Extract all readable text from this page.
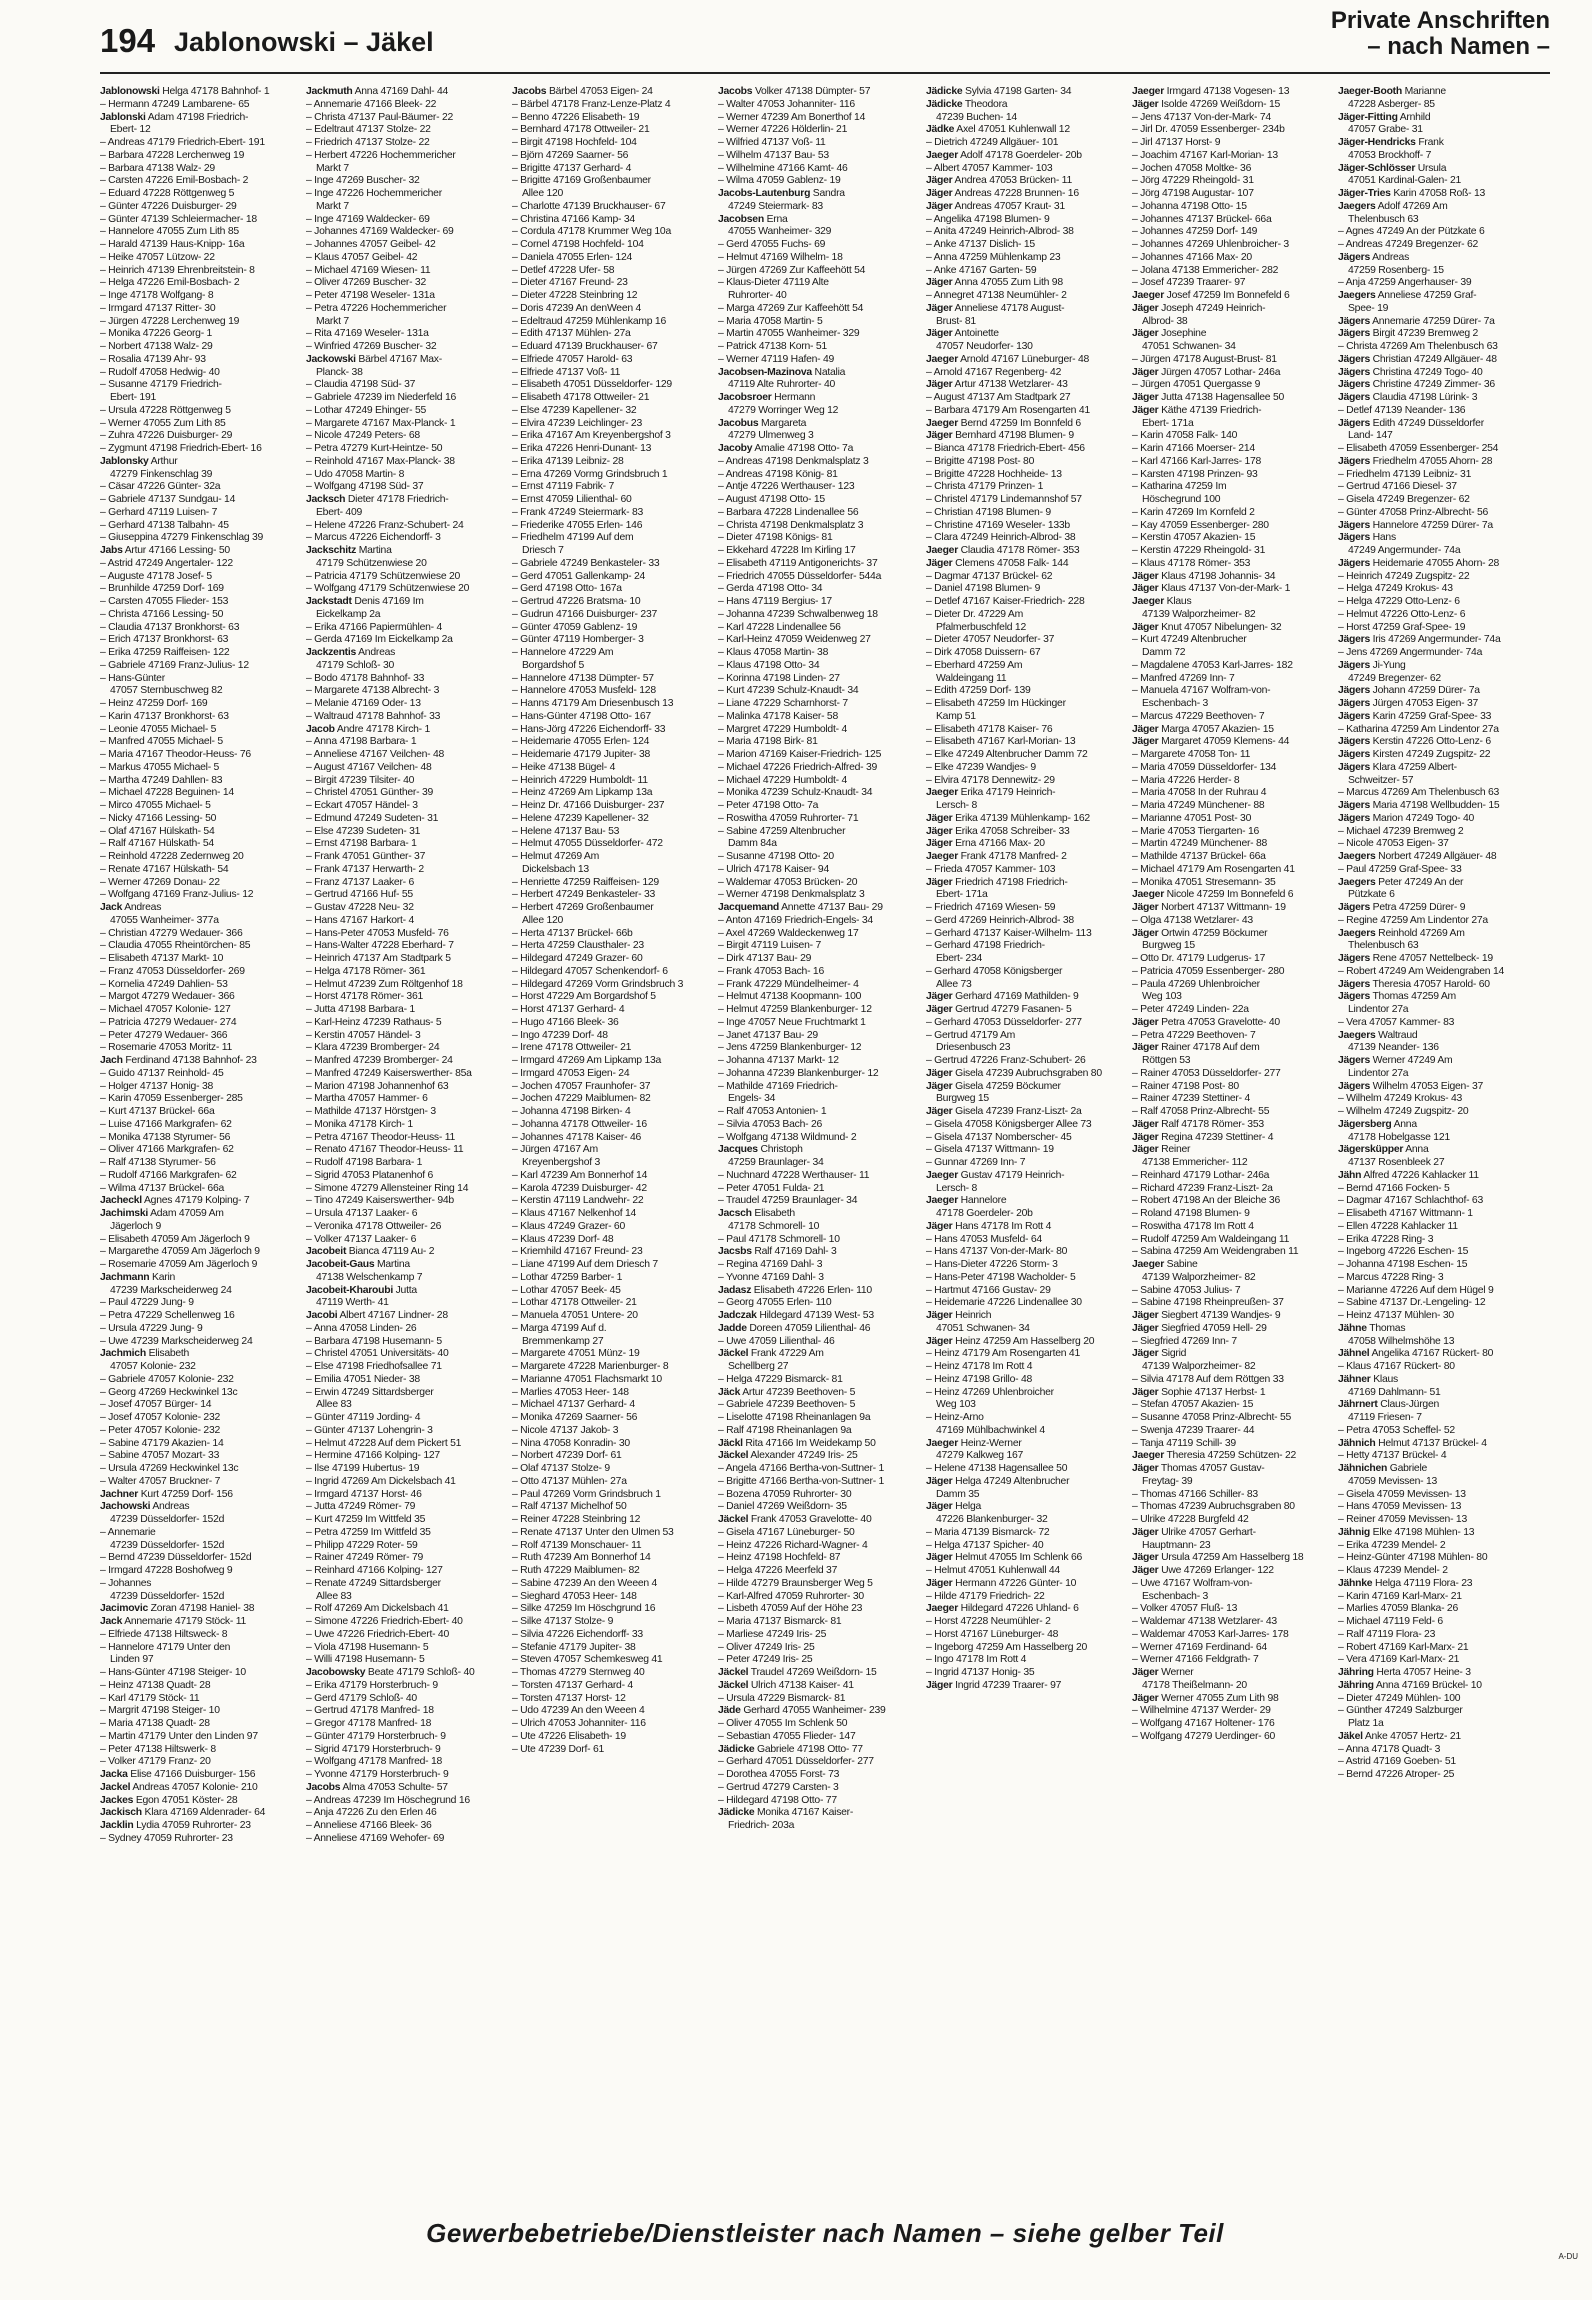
194 Jablonowski – Jäkel
Private Anschriften
– nach Namen –
Jablonowski Helga 47178 Bahnhof- 1
– Hermann 47249 Lambarene- 65
Jablonski Adam 47198 Friedrich-
Ebert- 12
– Andreas 47179 Friedrich-Ebert- 191
– Barbara 47228 Lerchenweg 19
– Barbara 47138 Walz- 29
– Carsten 47226 Emil-Bosbach- 2
– Eduard 47228 Röttgenweg 5
– Günter 47226 Duisburger- 29
– Günter 47139 Schleiermacher- 18
– Hannelore 47055 Zum Lith 85
– Harald 47139 Haus-Knipp- 16a
– Heike 47057 Lützow- 22
– Heinrich 47139 Ehrenbreitstein- 8
– Helga 47226 Emil-Bosbach- 2
– Inge 47178 Wolfgang- 8
– Irmgard 47137 Ritter- 30
– Jürgen 47228 Lerchenweg 19
– Monika 47226 Georg- 1
– Norbert 47138 Walz- 29
– Rosalia 47139 Ahr- 93
– Rudolf 47058 Hedwig- 40
– Susanne 47179 Friedrich-
Ebert- 191
– Ursula 47228 Röttgenweg 5
– Werner 47055 Zum Lith 85
– Zuhra 47226 Duisburger- 29
– Zygmunt 47198 Friedrich-Ebert- 16
Jablonsky Arthur
47279 Finkenschlag 39
– Cäsar 47226 Günter- 32a
– Gabriele 47137 Sundgau- 14
– Gerhard 47119 Luisen- 7
– Gerhard 47138 Talbahn- 45
– Giuseppina 47279 Finkenschlag 39
Jabs Artur 47166 Lessing- 50
– Astrid 47249 Angertaler- 122
– Auguste 47178 Josef- 5
– Brunhilde 47259 Dorf- 169
– Carsten 47055 Flieder- 153
– Christa 47166 Lessing- 50
– Claudia 47137 Bronkhorst- 63
– Erich 47137 Bronkhorst- 63
– Erika 47259 Raiffeisen- 122
– Gabriele 47169 Franz-Julius- 12
– Hans-Günter
47057 Sternbuschweg 82
– Heinz 47259 Dorf- 169
– Karin 47137 Bronkhorst- 63
– Leonie 47055 Michael- 5
– Manfred 47055 Michael- 5
– Maria 47167 Theodor-Heuss- 76
– Markus 47055 Michael- 5
– Martha 47249 Dahllen- 83
– Michael 47228 Beguinen- 14
– Mirco 47055 Michael- 5
– Nicky 47166 Lessing- 50
– Olaf 47167 Hülskath- 54
– Ralf 47167 Hülskath- 54
– Reinhold 47228 Zedernweg 20
– Renate 47167 Hülskath- 54
– Werner 47269 Donau- 22
– Wolfgang 47169 Franz-Julius- 12
Jack Andreas
47055 Wanheimer- 377a
– Christian 47279 Wedauer- 366
– Claudia 47055 Rheintörchen- 85
– Elisabeth 47137 Markt- 10
– Franz 47053 Düsseldorfer- 269
– Kornelia 47249 Dahlien- 53
– Margot 47279 Wedauer- 366
– Michael 47057 Kolonie- 127
– Patricia 47279 Wedauer- 274
– Peter 47279 Wedauer- 366
– Rosemarie 47053 Moritz- 11
Jach Ferdinand 47138 Bahnhof- 23
– Guido 47137 Reinhold- 45
– Holger 47137 Honig- 38
– Karin 47059 Essenberger- 285
– Kurt 47137 Brückel- 66a
– Luise 47166 Markgrafen- 62
– Monika 47138 Styrumer- 56
– Oliver 47166 Markgrafen- 62
– Ralf 47138 Styrumer- 56
– Rudolf 47166 Markgrafen- 62
– Wilma 47137 Brückel- 66a
Jacheckl Agnes 47179 Kolping- 7
Jachimski Adam 47059 Am
Jägerloch 9
– Elisabeth 47059 Am Jägerloch 9
– Margarethe 47059 Am Jägerloch 9
– Rosemarie 47059 Am Jägerloch 9
Jachmann Karin
47239 Marksche​iderweg 24
– Paul 47229 Jung- 9
– Petra 47229 Schellenweg 16
– Ursula 47229 Jung- 9
– Uwe 47239 Markscheiderweg 24
Jachmich Elisabeth
47057 Kolonie- 232
– Gabriele 47057 Kolonie- 232
– Georg 47269 Heckwinkel 13c
– Josef 47057 Bürger- 14
– Josef 47057 Kolonie- 232
– Peter 47057 Kolonie- 232
– Sabine 47179 Akazien- 14
– Sabine 47057 Mozart- 33
– Ursula 47269 Heckwinkel 13c
– Walter 47057 Bruckner- 7
Jachner Kurt 47259 Dorf- 156
Jachowski Andreas
47239 Düsseldorfer- 152d
– Annemarie
47239 Düsseldorfer- 152d
– Bernd 47239 Düsseldorfer- 152d
– Irmgard 47228 Boshofweg 9
– Johannes
47239 Düsseldorfer- 152d
Jacimovic Zoran 47198 Haniel- 38
Jack Annemarie 47179 Stöck- 11
– Elfriede 47138 Hiltsweck- 8
– Hannelore 47179 Unter den
Linden 97
– Hans-Günter 47198 Steiger- 10
– Heinz 47138 Quadt- 28
– Karl 47179 Stöck- 11
– Margrit 47198 Steiger- 10
– Maria 47138 Quadt- 28
– Martin 47179 Unter den Linden 97
– Peter 47138 Hiltswerk- 8
– Volker 47179 Franz- 20
Jacka Elise 47166 Duisburger- 156
Jackel Andreas 47057 Kolonie- 210
Jackes Egon 47051 Köster- 28
Jackisch Klara 47169 Aldenrader- 64
Jacklin Lydia 47059 Ruhrorter- 23
– Sydney 47059 Ruhrorter- 23
Jackmuth Anna 47169 Dahl- 44
– Annemarie 47166 Bleek- 22
– Christa 47137 Paul-Bäumer- 22
– Edeltraut 47137 Stolze- 22
– Friedrich 47137 Stolze- 22
– Herbert 47226 Hochemmericher
Markt 7
– Inge 47269 Buscher- 32
– Inge 47226 Hochemmericher
Markt 7
– Inge 47169 Waldecker- 69
– Johannes 47169 Waldecker- 69
– Johannes 47057 Geibel- 42
– Klaus 47057 Geibel- 42
– Michael 47169 Wiesen- 11
– Oliver 47269 Buscher- 32
– Peter 47198 Weseler- 131a
– Petra 47226 Hochemmericher
Markt 7
– Rita 47169 Weseler- 131a
– Winfried 47269 Buscher- 32
Jackowski Bärbel 47167 Max-
Planck- 38
– Claudia 47198 Süd- 37
– Gabriele 47239 im Niederfeld 16
– Lothar 47249 Ehinger- 55
– Margarete 47167 Max-Planck- 1
– Nicole 47249 Peters- 68
– Petra 47279 Kurt-Heintze- 50
– Reinhold 47167 Max-Planck- 38
– Udo 47058 Martin- 8
– Wolfgang 47198 Süd- 37
Jacksch Dieter 47178 Friedrich-
Ebert- 409
– Helene 47226 Franz-Schubert- 24
– Marcus 47226 Eichendorff- 3
Jackschitz Martina
47179 Schützenwiese 20
– Patricia 47179 Schützenwiese 20
– Wolfgang 47179 Schützenwiese 20
Jackstadt Denis 47169 Im
Eickelkamp 2a
– Erika 47166 Papiermühlen- 4
– Gerda 47169 Im Eickelkamp 2a
Jackzentis Andreas
47179 Schloß- 30
– Bodo 47178 Bahnhof- 33
– Margarete 47138 Albrecht- 3
– Melanie 47169 Oder- 13
– Waltraud 47178 Bahnhof- 33
Jacob Andre 47178 Kirch- 1
– Anna 47198 Barbara- 1
– Anneliese 47167 Veilchen- 48
– August 47167 Veilchen- 48
– Birgit 47239 Tilsiter- 40
– Christel 47051 Günther- 39
– Eckart 47057 Händel- 3
– Edmund 47249 Sudeten- 31
– Else 47239 Sudeten- 31
– Ernst 47198 Barbara- 1
– Frank 47051 Günther- 37
– Frank 47137 Herwarth- 2
– Franz 47137 Laaker- 6
– Gertrud 47166 Huf- 55
– Gustav 47228 Neu- 32
– Hans 47167 Harkort- 4
– Hans-Peter 47053 Musfeld- 76
– Hans-Walter 47228 Eberhard- 7
– Heinrich 47137 Am Stadtpark 5
– Helga 47178 Römer- 361
– Helmut 47239 Zum Röltgenhof 18
– Horst 47178 Römer- 361
– Jutta 47198 Barbara- 1
– Karl-Heinz 47239 Rathaus- 5
– Kerstin 47057 Händel- 3
– Klara 47239 Bromberger- 24
– Manfred 47239 Bromberger- 24
– Manfred 47249 Kaiserswerther- 85a
– Marion 47198 Johannenhof 63
– Martha 47057 Hammer- 6
– Mathilde 47137 Hörstgen- 3
– Monika 47178 Kirch- 1
– Petra 47167 Theodor-Heuss- 11
– Renato 47167 Theodor-Heuss- 11
– Rudolf 47198 Barbara- 1
– Sigrid 47053 Platanenhof 6
– Simone 47279 Allensteiner Ring 14
– Tino 47249 Kaiserswerther- 94b
– Ursula 47137 Laaker- 6
– Veronika 47178 Ottweiler- 26
– Volker 47137 Laaker- 6
Jacobeit Bianca 47119 Au- 2
Jacobeit-Gaus Martina
47138 Welschenkamp 7
Jacobeit-Kharoubi Jutta
47119 Werth- 41
Jacobi Albert 47167 Lindner- 28
– Anna 47058 Linden- 26
– Barbara 47198 Husemann- 5
– Christel 47051 Universitäts- 40
– Else 47198 Friedhofsallee 71
– Emilia 47051 Nieder- 38
– Erwin 47249 Sittardsberger
Allee 83
– Günter 47119 Jording- 4
– Günter 47137 Lohengrin- 3
– Helmut 47228 Auf dem Pickert 51
– Hermine 47166 Kolping- 127
– Ilse 47199 Hubertus- 19
– Ingrid 47269 Am Dickelsbach 41
– Irmgard 47137 Horst- 46
– Jutta 47249 Römer- 79
– Kurt 47259 Im Wittfeld 35
– Petra 47259 Im Wittfeld 35
– Philipp 47229 Roter- 59
– Rainer 47249 Römer- 79
– Reinhard 47166 Kolping- 127
– Renate 47249 Sittardsberger
Allee 83
– Rolf 47269 Am Dickelsbach 41
– Simone 47226 Friedrich-Ebert- 40
– Uwe 47226 Friedrich-Ebert- 40
– Viola 47198 Husemann- 5
– Willi 47198 Husemann- 5
Jacobowsky Beate 47179 Schloß- 40
– Erika 47179 Horsterbruch- 9
– Gerd 47179 Schloß- 40
– Gertrud 47178 Manfred- 18
– Gregor 47178 Manfred- 18
– Günter 47179 Horsterbruch- 9
– Sigrid 47179 Horsterbruch- 9
– Wolfgang 47178 Manfred- 18
– Yvonne 47179 Horsterbruch- 9
Jacobs Alma 47053 Schulte- 57
– Andreas 47239 Im Höschegrund 16
– Anja 47226 Zu den Erlen 46
– Anneliese 47166 Bleek- 36
– Anneliese 47169 Wehofer- 69
Jacobs Bärbel 47053 Eigen- 24
– Bärbel 47178 Franz-Lenze-Platz 4
– Benno 47226 Elisabeth- 19
– Bernhard 47178 Ottweiler- 21
– Birgit 47198 Hochfeld- 104
– Björn 47269 Saarner- 56
– Brigitte 47137 Gerhard- 4
– Brigitte 47169 Großenbaumer
Allee 120
– Charlotte 47139 Bruckhauser- 67
– Christina 47166 Kamp- 34
– Cordula 47178 Krummer Weg 10a
– Cornel 47198 Hochfeld- 104
– Daniela 47055 Erlen- 124
– Detlef 47228 Ufer- 58
– Dieter 47167 Freund- 23
– Dieter 47228 Steinbring 12
– Doris 47239 An denWeen 4
– Edeltraud 47259 Mühlenkamp 16
– Edith 47137 Mühlen- 27a
– Eduard 47139 Bruckhauser- 67
– Elfriede 47057 Harold- 63
– Elfriede 47137 Voß- 11
– Elisabeth 47051 Düsseldorfer- 129
– Elisabeth 47178 Ottweiler- 21
– Else 47239 Kapellener- 32
– Elvira 47239 Leichlinger- 23
– Erika 47167 Am Kreyenbergshof 3
– Erika 47226 Henri-Dunant- 13
– Erika 47139 Leibniz- 28
– Erna 47269 Vormg Grindsbruch 1
– Ernst 47119 Fabrik- 7
– Ernst 47059 Lilienthal- 60
– Frank 47249 Steiermark- 83
– Friederike 47055 Erlen- 146
– Friedhelm 47199 Auf dem
Driesch 7
– Gabriele 47249 Benkasteler- 33
– Gerd 47051 Gallenkamp- 24
– Gerd 47198 Otto- 167a
– Gertrud 47226 Bratsma- 10
– Gudrun 47166 Duisburger- 237
– Günter 47059 Gablenz- 19
– Günter 47119 Homberger- 3
– Hannelore 47229 Am
Borgardshof 5
– Hannelore 47138 Dümpter- 57
– Hannelore 47053 Musfeld- 128
– Hanns 47179 Am Driesenbusch 13
– Hans-Günter 47198 Otto- 167
– Hans-Jörg 47226 Eichendorff- 33
– Heidemarie 47055 Erlen- 124
– Heidemarie 47179 Jupiter- 38
– Heike 47138 Bügel- 4
– Heinrich 47229 Humboldt- 11
– Heinz 47269 Am Lipkamp 13a
– Heinz Dr. 47166 Duisburger- 237
– Helene 47239 Kapellener- 32
– Helene 47137 Bau- 53
– Helmut 47055 Düsseldorfer- 472
– Helmut 47269 Am
Dickelsbach 13
– Henriette 47259 Raiffeisen- 129
– Herbert 47249 Benkasteler- 33
– Herbert 47269 Großenbaumer
Allee 120
– Herta 47137 Brückel- 66b
– Herta 47259 Clausthaler- 23
– Hildegard 47249 Grazer- 60
– Hildegard 47057 Schenkendorf- 6
– Hildegard 47269 Vorm Grindsbruch 3
– Horst 47229 Am Borgardshof 5
– Horst 47137 Gerhard- 4
– Hugo 47166 Bleek- 36
– Ingo 47239 Dorf- 48
– Irene 47178 Ottweiler- 21
– Irmgard 47269 Am Lipkamp 13a
– Irmgard 47053 Eigen- 24
– Jochen 47057 Fraunhofer- 37
– Jochen 47229 Maiblumen- 82
– Johanna 47198 Birken- 4
– Johanna 47178 Ottweiler- 16
– Johannes 47178 Kaiser- 46
– Jürgen 47167 Am
Kreyenbergshof 3
– Karl 47239 Am Bonnerhof 14
– Karola 47239 Duisburger- 42
– Kerstin 47119 Landwehr- 22
– Klaus 47167 Nelkenhof 14
– Klaus 47249 Grazer- 60
– Klaus 47239 Dorf- 48
– Kriemhild 47167 Freund- 23
– Liane 47199 Auf dem Driesch 7
– Lothar 47259 Barber- 1
– Lothar 47057 Beek- 45
– Lothar 47178 Ottweiler- 21
– Manuela 47051 Untere- 20
– Marga 47199 Auf d.
Bremmenkamp 27
– Margarete 47051 Münz- 19
– Margarete 47228 Marienburger- 8
– Marianne 47051 Flachsmarkt 10
– Marlies 47053 Heer- 148
– Michael 47137 Gerhard- 4
– Monika 47269 Saarner- 56
– Nicole 47137 Jakob- 3
– Nina 47058 Konradin- 30
– Norbert 47239 Dorf- 61
– Olaf 47137 Stolze- 9
– Otto 47137 Mühlen- 27a
– Paul 47269 Vorm Grindsbruch 1
– Ralf 47137 Michelhof 50
– Reiner 47228 Steinbring 12
– Renate 47137 Unter den Ulmen 53
– Rolf 47139 Monschauer- 11
– Ruth 47239 Am Bonnerhof 14
– Ruth 47229 Maiblumen- 82
– Sabine 47239 An den Weeen 4
– Sieghard 47053 Heer- 148
– Silke 47259 Im Höschgrund 16
– Silke 47137 Stolze- 9
– Silvia 47226 Eichendorff- 33
– Stefanie 47179 Jupiter- 38
– Steven 47057 Schemkesweg 41
– Thomas 47279 Sternweg 40
– Torsten 47137 Gerhard- 4
– Torsten 47137 Horst- 12
– Udo 47239 An den Weeen 4
– Ulrich 47053 Johanniter- 116
– Ute 47226 Elisabeth- 19
– Ute 47239 Dorf- 61
Jacobs Volker 47138 Dümpter- 57
– Walter 47053 Johanniter- 116
– Werner 47239 Am Bonerthof 14
– Werner 47226 Hölderlin- 21
– Wilfried 47137 Voß- 11
– Wilhelm 47137 Bau- 53
– Wilhelmine 47166 Kamt- 46
– Wilma 47059 Gablenz- 19
Jacobs-Lautenburg Sandra
47249 Steiermark- 83
Jacobsen Erna
47055 Wanheimer- 329
– Gerd 47055 Fuchs- 69
– Helmut 47169 Wilhelm- 18
– Jürgen 47269 Zur Kaffeehött 54
– Klaus-Dieter 47119 Alte
Ruhrorter- 40
– Marga 47269 Zur Kaffeehött 54
– Maria 47058 Martin- 5
– Martin 47055 Wanheimer- 329
– Patrick 47138 Korn- 51
– Werner 47119 Hafen- 49
Jacobsen-Mazinova Natalia
47119 Alte Ruhrorter- 40
Jacobsroer Hermann
47279 Worringer Weg 12
Jacobus Margareta
47279 Ulmenweg 3
Jacoby Amalie 47198 Otto- 7a
– Andreas 47198 Denkmalsplatz 3
– Andreas 47198 König- 81
– Antje 47226 Werthauser- 123
– August 47198 Otto- 15
– Barbara 47228 Lindenallee 56
– Christa 47198 Denkmalsplatz 3
– Dieter 47198 Königs- 81
– Ekkehard 47228 Im Kirling 17
– Elisabeth 47119 Antigone​richts- 37
– Friedrich 47055 Düsseldorfer- 544a
– Gerda 47198 Otto- 34
– Hans 47119 Bergius- 17
– Johanna 47239 Schwalbenweg 18
– Karl 47228 Lindenallee 56
– Karl-Heinz 47059 Weidenweg 27
– Klaus 47058 Martin- 38
– Klaus 47198 Otto- 34
– Korinna 47198 Linden- 27
– Kurt 47239 Schulz-Knaudt- 34
– Liane 47229 Scharnhorst- 7
– Malinka 47178 Kaiser- 58
– Margret 47229 Humboldt- 4
– Maria 47198 Birk- 81
– Marion 47169 Kaiser-Friedrich- 125
– Michael 47226 Friedrich-Alfred- 39
– Michael 47229 Humboldt- 4
– Monika 47239 Schulz-Knaudt- 34
– Peter 47198 Otto- 7a
– Roswitha 47059 Ruhrorter- 71
– Sabine 47259 Altenbrucher
Damm 84a
– Susanne 47198 Otto- 20
– Ulrich 47178 Kaiser- 94
– Waldemar 47053 Brücken- 20
– Werner 47198 Denkmalsplatz 3
Jacquemand Annette 47137 Bau- 29
– Anton 47169 Friedrich-Engels- 34
– Axel 47269 Waldeckenweg 17
– Birgit 47119 Luisen- 7
– Dirk 47137 Bau- 29
– Frank 47053 Bach- 16
– Frank 47229 Mündelheimer- 4
– Helmut 47138 Koopmann- 100
– Helmut 47259 Blankenburger- 12
– Inge 47057 Neue Fruchtmarkt 1
– Janet 47137 Bau- 29
– Jens 47259 Blankenburger- 12
– Johanna 47137 Markt- 12
– Johanna 47239 Blankenburger- 12
– Mathilde 47169 Friedrich-
Engels- 34
– Ralf 47053 Antonien- 1
– Silvia 47053 Bach- 26
– Wolfgang 47138 Wildmund- 2
Jacques Christoph
47259 Braunlager- 34
– Nuchnard 47228 Werthauser- 11
– Peter 47051 Fulda- 21
– Traudel 47259 Braunlager- 34
Jacsch Elisabeth
47178 Schmorell- 10
– Paul 47178 Schmorell- 10
Jacsbs Ralf 47169 Dahl- 3
– Regina 47169 Dahl- 3
– Yvonne 47169 Dahl- 3
Jadasz Elisabeth 47226 Erlen- 110
– Georg 47055 Erlen- 110
Jadczak Hildegard 47139 West- 53
Jadde Doreen 47059 Lilienthal- 46
– Uwe 47059 Lilienthal- 46
Jäckel Frank 47229 Am
Schellberg 27
– Helga 47229 Bismarck- 81
Jäck Artur 47239 Beethoven- 5
– Gabriele 47239 Beethoven- 5
– Liselotte 47198 Rheinanlagen 9a
– Ralf 47198 Rheinanlagen 9a
Jäckl Rita 47166 Im Weidekamp 50
Jäckel Alexander 47249 Iris- 25
– Angela 47166 Bertha-von-Suttner- 1
– Brigitte 47166 Bertha-von-Suttner- 1
– Bozena 47059 Ruhrorter- 30
– Daniel 47269 Weißdorn- 35
Jäckel Frank 47053 Gravelotte- 40
– Gisela 47167 Lüneburger- 50
– Heinz 47226 Richard-Wagner- 4
– Heinz 47198 Hochfeld- 87
– Helga 47226 Meerfeld 37
– Hilde 47279 Braunsberger Weg 5
– Karl-Alfred 47059 Ruhrorter- 30
– Lisbeth 47059 Auf der Höhe 23
– Maria 47137 Bismarck- 81
– Marliese 47249 Iris- 25
– Oliver 47249 Iris- 25
– Peter 47249 Iris- 25
Jäckel Traudel 47269 Weißdorn- 15
Jäckel Ulrich 47138 Kaiser- 41
– Ursula 47229 Bismarck- 81
Jäde Gerhard 47055 Wanheimer- 239
– Oliver 47055 Im Schlenk 50
– Sebastian 47055 Flieder- 147
Jädicke Gabriele 47198 Otto- 77
– Gerhard 47051 Düsseldorfer- 277
– Dorothea 47055 Forst- 73
– Gertrud 47279 Carsten- 3
– Hildegard 47198 Otto- 77
Jädicke Monika 47167 Kaiser-
Friedrich- 203a
Jädicke Sylvia 47198 Garten- 34
Jädicke Theodora
47239 Buchen- 14
Jädke Axel 47051 Kuhlenwall 12
– Dietrich 47249 Allgäuer- 101
Jaeger Adolf 47178 Goerdeler- 20b
– Albert 47057 Kammer- 103
Jäger Andrea 47053 Brücken- 11
Jäger Andreas 47228 Brunnen- 16
Jäger Andreas 47057 Kraut- 31
– Angelika 47198 Blumen- 9
– Anita 47249 Heinrich-Albrod- 38
– Anke 47137 Dislich- 15
– Anna 47259 Mühlenkamp 23
– Anke 47167 Garten- 59
Jäger Anna 47055 Zum Lith 98
– Annegret 47138 Neumühler- 2
Jäger Anneliese 47178 August-
Brust- 81
Jäger Antoinette
47057 Neudorfer- 130
Jaeger Arnold 47167 Lüneburger- 48
– Arnold 47167 Regenberg- 42
Jäger Artur 47138 Wetzlarer- 43
– August 47137 Am Stadtpark 27
– Barbara 47179 Am Rosengarten 41
Jaeger Bernd 47259 Im Bonnfeld 6
Jäger Bernhard 47198 Blumen- 9
– Bianca 47178 Friedrich-Ebert- 456
– Brigitte 47198 Post- 80
– Brigitte 47228 Hochheide- 13
– Christa 47179 Prinzen- 1
– Christel 47179 Lindemannshof 57
– Christian 47198 Blumen- 9
– Christine 47169 Weseler- 133b
– Clara 47249 Heinrich-Albrod- 38
Jaeger Claudia 47178 Römer- 353
Jäger Clemens 47058 Falk- 144
– Dagmar 47137 Brückel- 62
– Daniel 47198 Blumen- 9
– Detlef 47167 Kaiser-Friedrich- 228
– Dieter Dr. 47229 Am
Pfalmerbuschfeld 12
– Dieter 47057 Neudorfer- 37
– Dirk 47058 Duissern- 67
– Eberhard 47259 Am
Waldeingang 11
– Edith 47259 Dorf- 139
– Elisabeth 47259 Im Hückinger
Kamp 51
– Elisabeth 47178 Kaiser- 76
– Elisabeth 47167 Karl-Morian- 13
– Elke 47249 Altenbrucher Damm 72
– Elke 47239 Wandjes- 9
– Elvira 47178 Dennewitz- 29
Jaeger Erika 47179 Heinrich-
Lersch- 8
Jäger Erika 47139 Mühlenkamp- 162
Jäger Erika 47058 Schreiber- 33
Jäger Erna 47166 Max- 20
Jaeger Frank 47178 Manfred- 2
– Frieda 47057 Kammer- 103
Jäger Friedrich 47198 Friedrich-
Ebert- 171a
– Friedrich 47169 Wiesen- 59
– Gerd 47269 Heinrich-Albrod- 38
– Gerhard 47137 Kaiser-Wilhelm- 113
– Gerhard 47198 Friedrich-
Ebert- 234
– Gerhard 47058 Königsberger
Allee 73
Jäger Gerhard 47169 Mathilden- 9
Jäger Gertrud 47279 Fasanen- 5
– Gerhard 47053 Düsseldorfer- 277
– Gertrud 47179 Am
Driesenbusch 23
– Gertrud 47226 Franz-Schubert- 26
Jäger Gisela 47239 Aubruchsgraben 80
Jäger Gisela 47259 Böckumer
Burgweg 15
Jäger Gisela 47239 Franz-Liszt- 2a
– Gisela 47058 Königsberger Allee 73
– Gisela 47137 Nomberscher- 45
– Gisela 47137 Wittmann- 19
– Gunnar 47269 Inn- 7
Jaeger Gustav 47179 Heinrich-
Lersch- 8
Jaeger Hannelore
47178 Goerdeler- 20b
Jäger Hans 47178 Im Rott 4
– Hans 47053 Musfeld- 64
– Hans 47137 Von-der-Mark- 80
– Hans-Dieter 47226 Storm- 3
– Hans-Peter 47198 Wacholder- 5
– Hartmut 47166 Gustav- 29
– Heidemarie 47226 Lindenallee 30
Jäger Heinrich
47051 Schwanen- 34
Jäger Heinz 47259 Am Hasselberg 20
– Heinz 47179 Am Rosengarten 41
– Heinz 47178 Im Rott 4
– Heinz 47198 Grillo- 48
– Heinz 47269 Uhlenbroicher
Weg 103
– Heinz-Arno
47169 Mühlbachwinkel 4
Jaeger Heinz-Werner
47279 Kalkweg 167
– Helene 47138 Hagensallee 50
Jäger Helga 47249 Altenbrucher
Damm 35
Jäger Helga
47226 Blankenburger- 32
– Maria 47139 Bismarck- 72
– Helga 47137 Spicher- 40
Jäger Helmut 47055 Im Schlenk 66
– Helmut 47051 Kuhlenwall 44
Jäger Hermann 47226 Günter- 10
– Hilde 47179 Friedrich- 22
Jaeger Hildegard 47226 Uhland- 6
– Horst 47228 Neumühler- 2
– Horst 47167 Lüneburger- 48
– Ingeborg 47259 Am Hasselberg 20
– Ingo 47178 Im Rott 4
– Ingrid 47137 Honig- 35
Jäger Ingrid 47239 Traarer- 97
Jaeger Irmgard 47138 Vogesen- 13
Jäger Isolde 47269 Weißdorn- 15
– Jens 47137 Von-der-Mark- 74
– Jirl Dr. 47059 Essenberger- 234b
– Jirl 47137 Horst- 9
– Joachim 47167 Karl-Morian- 13
– Jochen 47058 Moltke- 36
– Jörg 47229 Rheingold- 31
– Jörg 47198 Augustar- 107
– Johanna 47198 Otto- 15
– Johannes 47137 Brückel- 66a
– Johannes 47259 Dorf- 149
– Johannes 47269 Uhlenbroicher- 3
– Johannes 47166 Max- 20
– Jolana 47138 Emmericher- 282
– Josef 47239 Traarer- 97
Jaeger Josef 47259 Im Bonnefeld 6
Jäger Joseph 47249 Heinrich-
Albrod- 38
Jäger Josephine
47051 Schwanen- 34
– Jürgen 47178 August-Brust- 81
Jäger Jürgen 47057 Lothar- 246a
– Jürgen 47051 Quergasse 9
Jäger Jutta 47138 Hagensallee 50
Jäger Käthe 47139 Friedrich-
Ebert- 171a
– Karin 47058 Falk- 140
– Karin 47166 Moerser- 214
– Karl 47166 Karl-Jarres- 178
– Karsten 47198 Prinzen- 93
– Katharina 47259 Im
Höschegrund 100
– Karin 47269 Im Kornfeld 2
– Kay 47059 Essenberger- 280
– Kerstin 47057 Akazien- 15
– Kerstin 47229 Rheingold- 31
– Klaus 47178 Römer- 353
Jäger Klaus 47198 Johannis- 34
Jäger Klaus 47137 Von-der-Mark- 1
Jaeger Klaus
47139 Walporzheimer- 82
Jäger Knut 47057 Nibelungen- 32
– Kurt 47249 Altenbrucher
Damm 72
– Magdalene 47053 Karl-Jarres- 182
– Manfred 47269 Inn- 7
– Manuela 47167 Wolfram-von-
Eschenbach- 3
– Marcus 47229 Beethoven- 7
Jäger Marga 47057 Akazien- 15
Jäger Margaret 47059 Klemens- 44
– Margarete 47058 Ton- 11
– Maria 47059 Düsseldorfer- 134
– Maria 47226 Herder- 8
– Maria 47058 In der Ruhrau 4
– Maria 47249 Münchener- 88
– Marianne 47051 Post- 30
– Marie 47053 Tiergarten- 16
– Martin 47249 Münchener- 88
– Mathilde 47137 Brückel- 66a
– Michael 47179 Am Rosengarten 41
– Monika 47051 Stresemann- 35
Jaeger Nicole 47259 Im Bonnefeld 6
Jäger Norbert 47137 Wittmann- 19
– Olga 47138 Wetzlarer- 43
Jäger Ortwin 47259 Böckumer
Burgweg 15
– Otto Dr. 47179 Ludgerus- 17
– Patricia 47059 Essenberger- 280
– Paula 47269 Uhlenbroicher
Weg 103
– Peter 47249 Linden- 22a
Jäger Petra 47053 Gravelotte- 40
– Petra 47229 Beethoven- 7
Jäger Rainer 47178 Auf dem
Röttgen 53
– Rainer 47053 Düsseldorfer- 277
– Rainer 47198 Post- 80
– Rainer 47239 Stettiner- 4
– Ralf 47058 Prinz-Albrecht- 55
Jäger Ralf 47178 Römer- 353
Jäger Regina 47239 Stettiner- 4
Jäger Reiner
47138 Emmericher- 112
– Reinhard 47179 Lothar- 246a
– Richard 47239 Franz-Liszt- 2a
– Robert 47198 An der Bleiche 36
– Roland 47198 Blumen- 9
– Roswitha 47178 Im Rott 4
– Rudolf 47259 Am Waldeingang 11
– Sabina 47259 Am Weidengraben 11
Jaeger Sabine
47139 Walporzheimer- 82
– Sabine 47053 Julius- 7
– Sabine 47198 Rheinpreußen- 37
Jäger Siegbert 47139 Wandjes- 9
Jäger Siegfried 47059 Hell- 29
– Siegfried 47269 Inn- 7
Jäger Sigrid
47139 Walporzheimer- 82
– Silvia 47178 Auf dem Röttgen 33
Jäger Sophie 47137 Herbst- 1
– Stefan 47057 Akazien- 15
– Susanne 47058 Prinz-Albrecht- 55
– Swenja 47239 Traarer- 44
– Tanja 47119 Schill- 39
Jaeger Theresia 47259 Schützen- 22
Jäger Thomas 47057 Gustav-
Freytag- 39
– Thomas 47166 Schiller- 83
– Thomas 47239 Aubruchsgraben 80
– Ulrike 47228 Burgfeld 42
Jäger Ulrike 47057 Gerhart-
Hauptmann- 23
Jäger Ursula 47259 Am Hasselberg 18
Jäger Uwe 47269 Erlanger- 122
– Uwe 47167 Wolfram-von-
Eschenbach- 3
– Volker 47057 Fluß- 13
– Waldemar 47138 Wetzlarer- 43
– Waldemar 47053 Karl-Jarres- 178
– Werner 47169 Ferdinand- 64
– Werner 47166 Feldgrath- 7
Jäger Werner
47178 Theißelmann- 20
Jäger Werner 47055 Zum Lith 98
– Wilhelmine 47137 Werder- 29
– Wolfgang 47167 Holtener- 176
– Wolfgang 47279 Uerdinger- 60
Jaeger-Booth Marianne
47228 Asberger- 85
Jäger-Fitting Arnhild
47057 Grabe- 31
Jäger-Hendricks Frank
47053 Brockhoff- 7
Jäger-Schlösser Ursula
47051 Kardinal-Galen- 21
Jäger-Tries Karin 47058 Roß- 13
Jaegers Adolf 47269 Am
Thelenbusch 63
– Agnes 47249 An der Pützkate 6
– Andreas 47249 Bregenzer- 62
Jägers Andreas
47259 Rosenberg- 15
– Anja 47259 Angerhauser- 39
Jaegers Anneliese 47259 Graf-
Spee- 19
Jägers Annemarie 47259 Dürer- 7a
Jägers Birgit 47239 Bremweg 2
– Christa 47269 Am Thelenbusch 63
Jägers Christian 47249 Allgäuer- 48
Jägers Christina 47249 Togo- 40
Jägers Christine 47249 Zimmer- 36
Jägers Claudia 47198 Lürink- 3
– Detlef 47139 Neander- 136
Jägers Edith 47249 Düsseldorfer
Land- 147
– Elisabeth 47059 Essenberger- 254
Jägers Friedhelm 47055 Ahorn- 28
– Friedhelm 47139 Leibniz- 31
– Gertrud 47166 Diesel- 37
– Gisela 47249 Bregenzer- 62
– Günter 47058 Prinz-Albrecht- 56
Jägers Hannelore 47259 Dürer- 7a
Jägers Hans
47249 Angermunder- 74a
Jägers Heidemarie 47055 Ahorn- 28
– Heinrich 47249 Zugspitz- 22
– Helga 47249 Krokus- 43
– Helga 47229 Otto-Lenz- 6
– Helmut 47226 Otto-Lenz- 6
– Horst 47259 Graf-Spee- 19
Jägers Iris 47269 Angermunder- 74a
– Jens 47269 Angermunder- 74a
Jägers Ji-Yung
47249 Bregenzer- 62
Jägers Johann 47259 Dürer- 7a
Jägers Jürgen 47053 Eigen- 37
Jägers Karin 47259 Graf-Spee- 33
– Katharina 47259 Am Lindentor 27a
Jägers Kerstin 47226 Otto-Lenz- 6
Jägers Kirsten 47249 Zugspitz- 22
Jägers Klara 47259 Albert-
Schweitzer- 57
– Marcus 47269 Am Thelenbusch 63
Jägers Maria 47198 Wellbudden- 15
Jägers Marion 47249 Togo- 40
– Michael 47239 Bremweg 2
– Nicole 47053 Eigen- 37
Jaegers Norbert 47249 Allgäuer- 48
– Paul 47259 Graf-Spee- 33
Jaegers Peter 47249 An der
Pützkate 6
Jägers Petra 47259 Dürer- 9
– Regine 47259 Am Lindentor 27a
Jaegers Reinhold 47269 Am
Thelenbusch 63
Jägers Rene 47057 Nettelbeck- 19
– Robert 47249 Am Weidengraben 14
Jägers Theresia 47057 Harold- 60
Jägers Thomas 47259 Am
Lindentor 27a
– Vera 47057 Kammer- 83
Jaegers Waltraud
47139 Neander- 136
Jägers Werner 47249 Am
Lindentor 27a
Jägers Wilhelm 47053 Eigen- 37
– Wilhelm 47249 Krokus- 43
– Wilhelm 47249 Zugspitz- 20
Jägersberg Anna
47178 Hobelgasse 121
Jägersküpper Anna
47137 Rosenbleek 27
Jähn Alfred 47226 Kahlacker 11
– Bernd 47166 Focken- 5
– Dagmar 47167 Schlachthof- 63
– Elisabeth 47167 Wittmann- 1
– Ellen 47228 Kahlacker 11
– Erika 47228 Ring- 3
– Ingeborg 47226 Eschen- 15
– Johanna 47198 Eschen- 15
– Marcus 47228 Ring- 3
– Marianne 47226 Auf dem Hügel 9
– Sabine 47137 Dr.-Lengeling- 12
– Heinz 47137 Mühlen- 30
Jähne Thomas
47058 Wilhelmshöhe 13
Jähnel Angelika 47167 Rückert- 80
– Klaus 47167 Rückert- 80
Jähner Klaus
47169 Dahlmann- 51
Jährnert Claus-Jürgen
47119 Friesen- 7
– Petra 47053 Scheffel- 52
Jähnich Helmut 47137 Brückel- 4
– Hetty 47137 Brückel- 4
Jähnichen Gabriele
47059 Mevissen- 13
– Gisela 47059 Mevissen- 13
– Hans 47059 Mevissen- 13
– Reiner 47059 Mevissen- 13
Jähnig Elke 47198 Mühlen- 13
– Erika 47239 Mendel- 2
– Heinz-Günter 47198 Mühlen- 80
– Klaus 47239 Mendel- 2
Jähnke Helga 47119 Flora- 23
– Karin 47169 Karl-Marx- 21
– Marlies 47059 Blanka- 26
– Michael 47119 Feld- 6
– Ralf 47119 Flora- 23
– Robert 47169 Karl-Marx- 21
– Vera 47169 Karl-Marx- 21
Jähring Herta 47057 Heine- 3
Jähring Anna 47169 Brückel- 10
– Dieter 47249 Mühlen- 100
– Günther 47249 Salzburger
Platz 1a
Jäkel Anke 47057 Hertz- 21
– Anna 47178 Quadt- 3
– Astrid 47169 Goeben- 51
– Bernd 47226 Atroper- 25
Gewerbebetriebe/Dienstleister nach Namen – siehe gelber Teil
A-DU
